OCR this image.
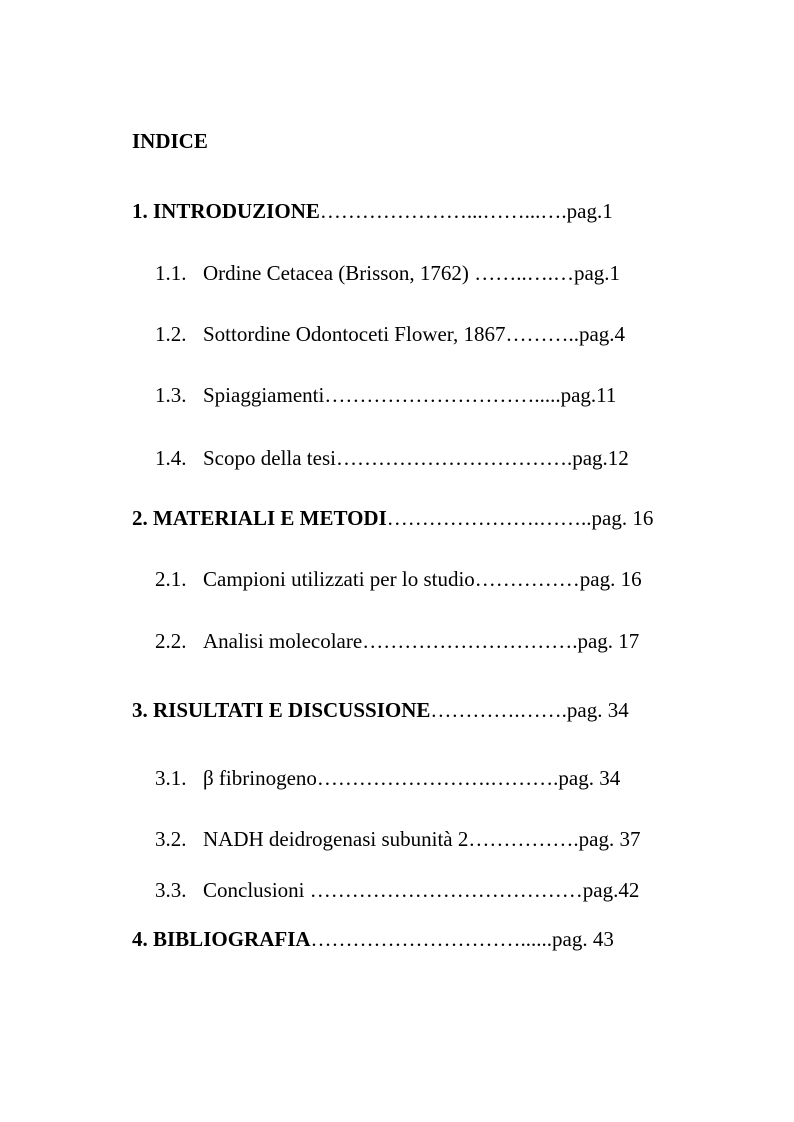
INDICE
1. INTRODUZIONE…………………...……...….pag.1
1.1. Ordine Cetacea (Brisson, 1762) ……..….…pag.1
1.2. Sottordine Odontoceti Flower, 1867………..pag.4
1.3. Spiaggiamenti………………………….....pag.11
1.4. Scopo della tesi…………………………….pag.12
2. MATERIALI E METODI………………….……..pag. 16
2.1. Campioni utilizzati per lo studio……………pag. 16
2.2. Analisi molecolare………………………….pag. 17
3. RISULTATI E DISCUSSIONE………….…….pag. 34
3.1. β fibrinogeno…………………….……….pag. 34
3.2. NADH deidrogenasi subunità 2…………….pag. 37
3.3. Conclusioni …………………………………pag.42
4. BIBLIOGRAFIA…………………………......pag. 43
